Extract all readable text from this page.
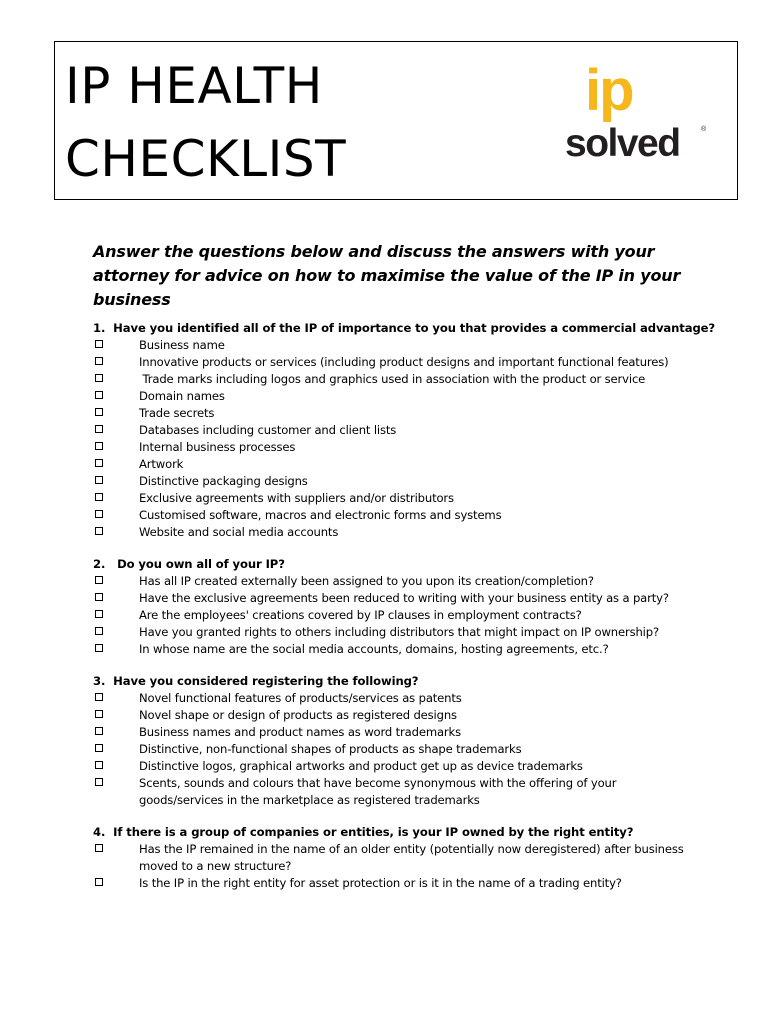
IP HEALTH
CHECKLIST
ip
solved	®

Answer the questions below and discuss the answers with your attorney for advice on how to maximise the value of the IP in your business

1. Have you identified all of the IP of importance to you that provides a commercial advantage?
Business name
Innovative products or services (including product designs and important functional features)
Trade marks including logos and graphics used in association with the product or service
Domain names
Trade secrets
Databases including customer and client lists
Internal business processes
Artwork
Distinctive packaging designs
Exclusive agreements with suppliers and/or distributors
Customised software, macros and electronic forms and systems
Website and social media accounts
2.   Do you own all of your IP?
Has all IP created externally been assigned to you upon its creation/completion?
Have the exclusive agreements been reduced to writing with your business entity as a party?
Are the employees' creations covered by IP clauses in employment contracts?
Have you granted rights to others including distributors that might impact on IP ownership?
In whose name are the social media accounts, domains, hosting agreements, etc.?
3. Have you considered registering the following?
Novel functional features of products/services as patents
Novel shape or design of products as registered designs
Business names and product names as word trademarks
Distinctive, non-functional shapes of products as shape trademarks
Distinctive logos, graphical artworks and product get up as device trademarks
Scents, sounds and colours that have become synonymous with the offering of your goods/services in the marketplace as registered trademarks
4. If there is a group of companies or entities, is your IP owned by the right entity?
Has the IP remained in the name of an older entity (potentially now deregistered) after business moved to a new structure?
Is the IP in the right entity for asset protection or is it in the name of a trading entity?
